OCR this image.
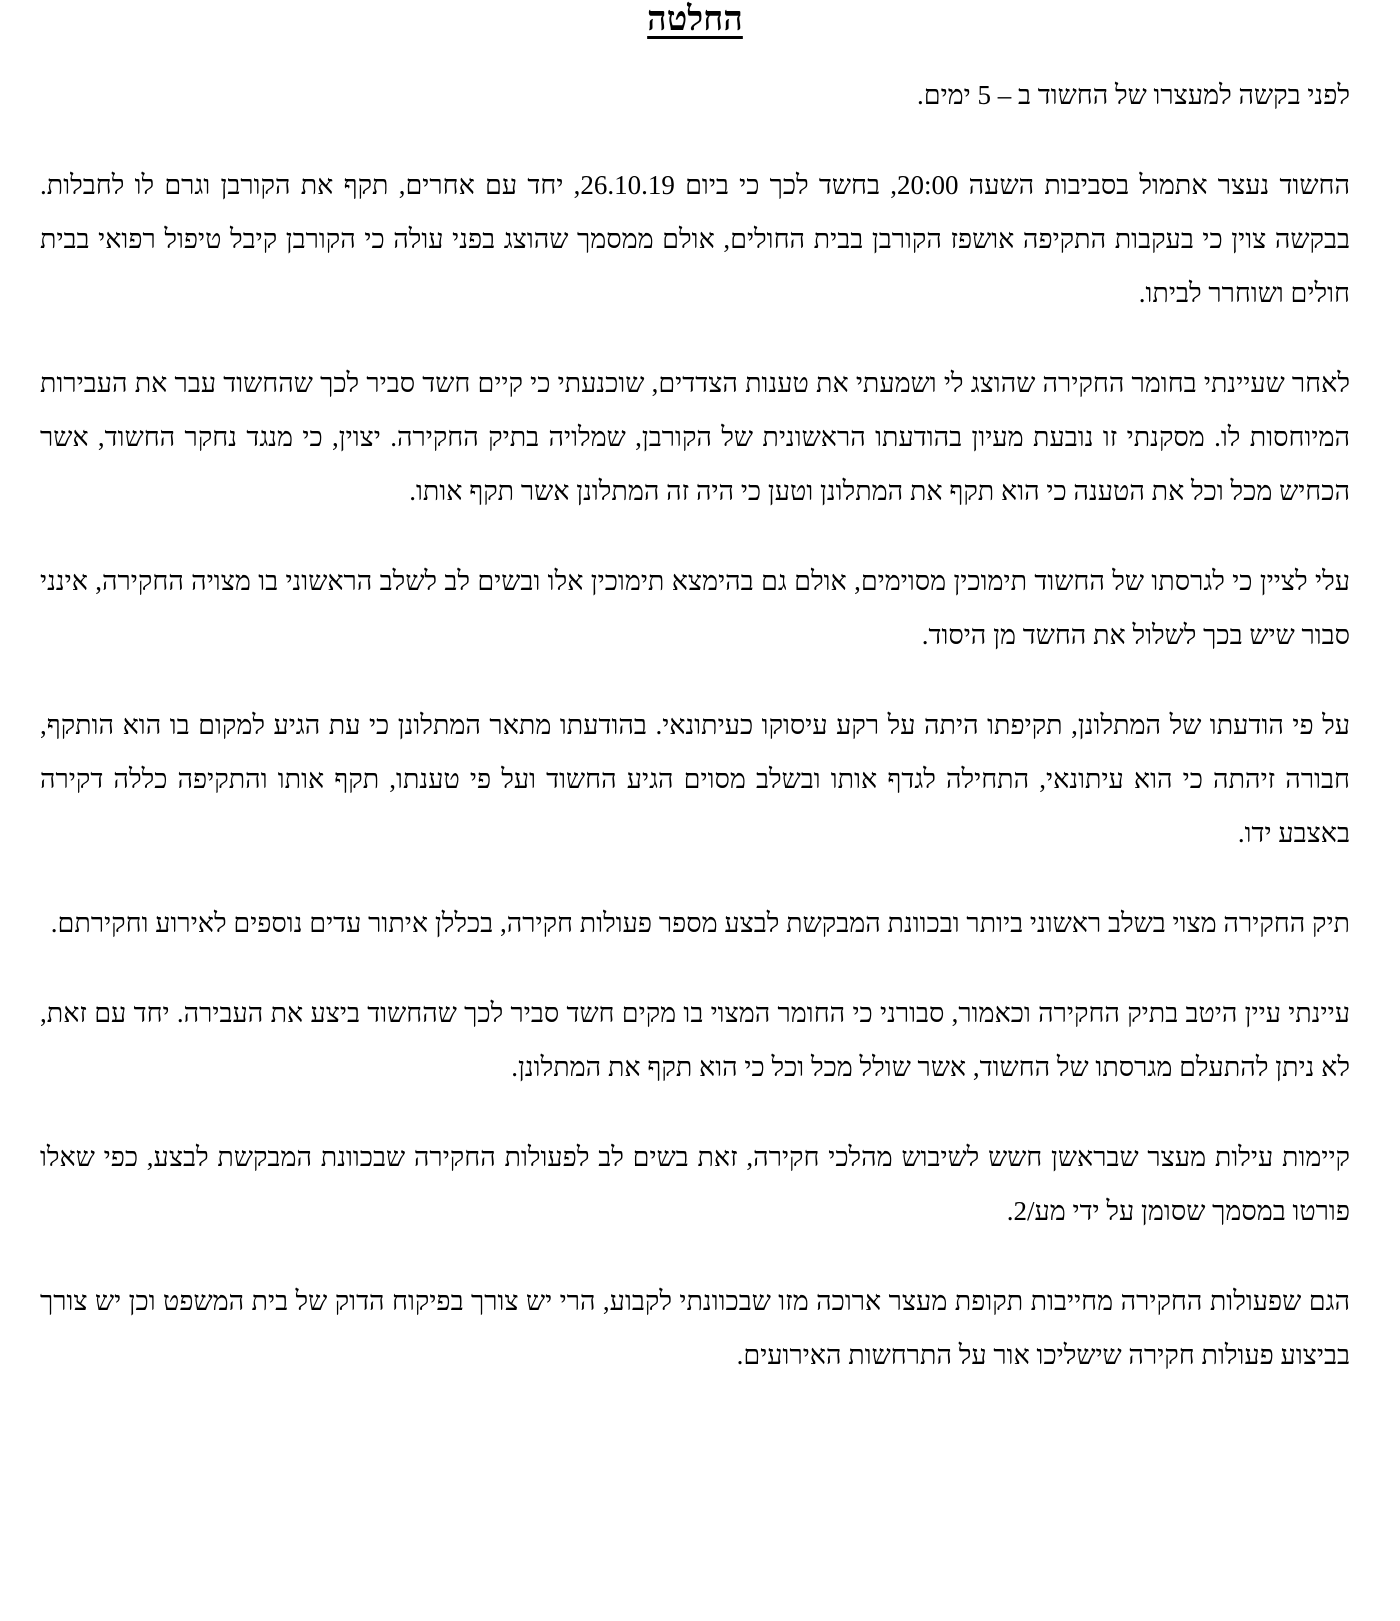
החלטה

לפני בקשה למעצרו של החשוד ב – 5 ימים.

החשוד נעצר אתמול בסביבות השעה 20:00, בחשד לכך כי ביום 26.10.19, יחד עם אחרים, תקף את הקורבן וגרם לו לחבלות. בבקשה צוין כי בעקבות התקיפה אושפז הקורבן בבית החולים, אולם ממסמך שהוצג בפני עולה כי הקורבן קיבל טיפול רפואי בבית חולים ושוחרר לביתו.

לאחר שעיינתי בחומר החקירה שהוצג לי ושמעתי את טענות הצדדים, שוכנעתי כי קיים חשד סביר לכך שהחשוד עבר את העבירות המיוחסות לו. מסקנתי זו נובעת מעיון בהודעתו הראשונית של הקורבן, שמלויה בתיק החקירה. יצוין, כי מנגד נחקר החשוד, אשר הכחיש מכל וכל את הטענה כי הוא תקף את המתלונן וטען כי היה זה המתלונן אשר תקף אותו.

עלי לציין כי לגרסתו של החשוד תימוכין מסוימים, אולם גם בהימצא תימוכין אלו ובשים לב לשלב הראשוני בו מצויה החקירה, אינני סבור שיש בכך לשלול את החשד מן היסוד.

על פי הודעתו של המתלונן, תקיפתו היתה על רקע עיסוקו כעיתונאי. בהודעתו מתאר המתלונן כי עת הגיע למקום בו הוא הותקף, חבורה זיהתה כי הוא עיתונאי, התחילה לגדף אותו ובשלב מסוים הגיע החשוד ועל פי טענתו, תקף אותו והתקיפה כללה דקירה באצבע ידו.

תיק החקירה מצוי בשלב ראשוני ביותר ובכוונת המבקשת לבצע מספר פעולות חקירה, בכללן איתור עדים נוספים לאירוע וחקירתם.

עיינתי עיין היטב בתיק החקירה וכאמור, סבורני כי החומר המצוי בו מקים חשד סביר לכך שהחשוד ביצע את העבירה. יחד עם זאת, לא ניתן להתעלם מגרסתו של החשוד, אשר שולל מכל וכל כי הוא תקף את המתלונן.

קיימות עילות מעצר שבראשן חשש לשיבוש מהלכי חקירה, זאת בשים לב לפעולות החקירה שבכוונת המבקשת לבצע, כפי שאלו פורטו במסמך שסומן על ידי מע/2.

הגם שפעולות החקירה מחייבות תקופת מעצר ארוכה מזו שבכוונתי לקבוע, הרי יש צורך בפיקוח הדוק של בית המשפט וכן יש צורך בביצוע פעולות חקירה שישליכו אור על התרחשות האירועים.
